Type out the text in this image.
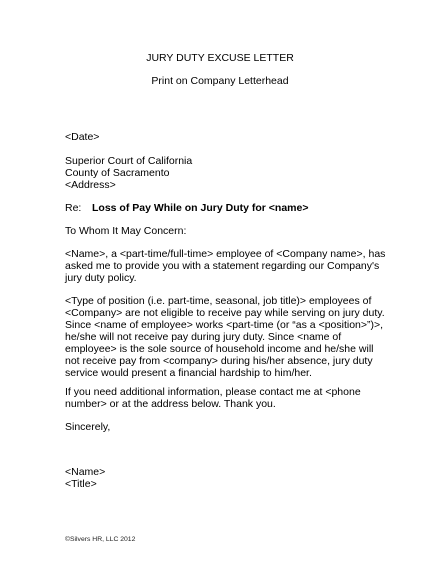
JURY DUTY EXCUSE LETTER
Print on Company Letterhead
<Date>
Superior Court of California
County of Sacramento
<Address>
Re: Loss of Pay While on Jury Duty for <name>
To Whom It May Concern:
<Name>, a <part-time/full-time> employee of <Company name>, has
asked me to provide you with a statement regarding our Company's
jury duty policy.
<Type of position (i.e. part-time, seasonal, job title)> employees of
<Company> are not eligible to receive pay while serving on jury duty.
Since <name of employee> works <part-time (or “as a <position>”)>,
he/she will not receive pay during jury duty. Since <name of
employee> is the sole source of household income and he/she will
not receive pay from <company> during his/her absence, jury duty
service would present a financial hardship to him/her.
If you need additional information, please contact me at <phone
number> or at the address below. Thank you.
Sincerely,
<Name>
<Title>
©Silvers HR, LLC 2012
